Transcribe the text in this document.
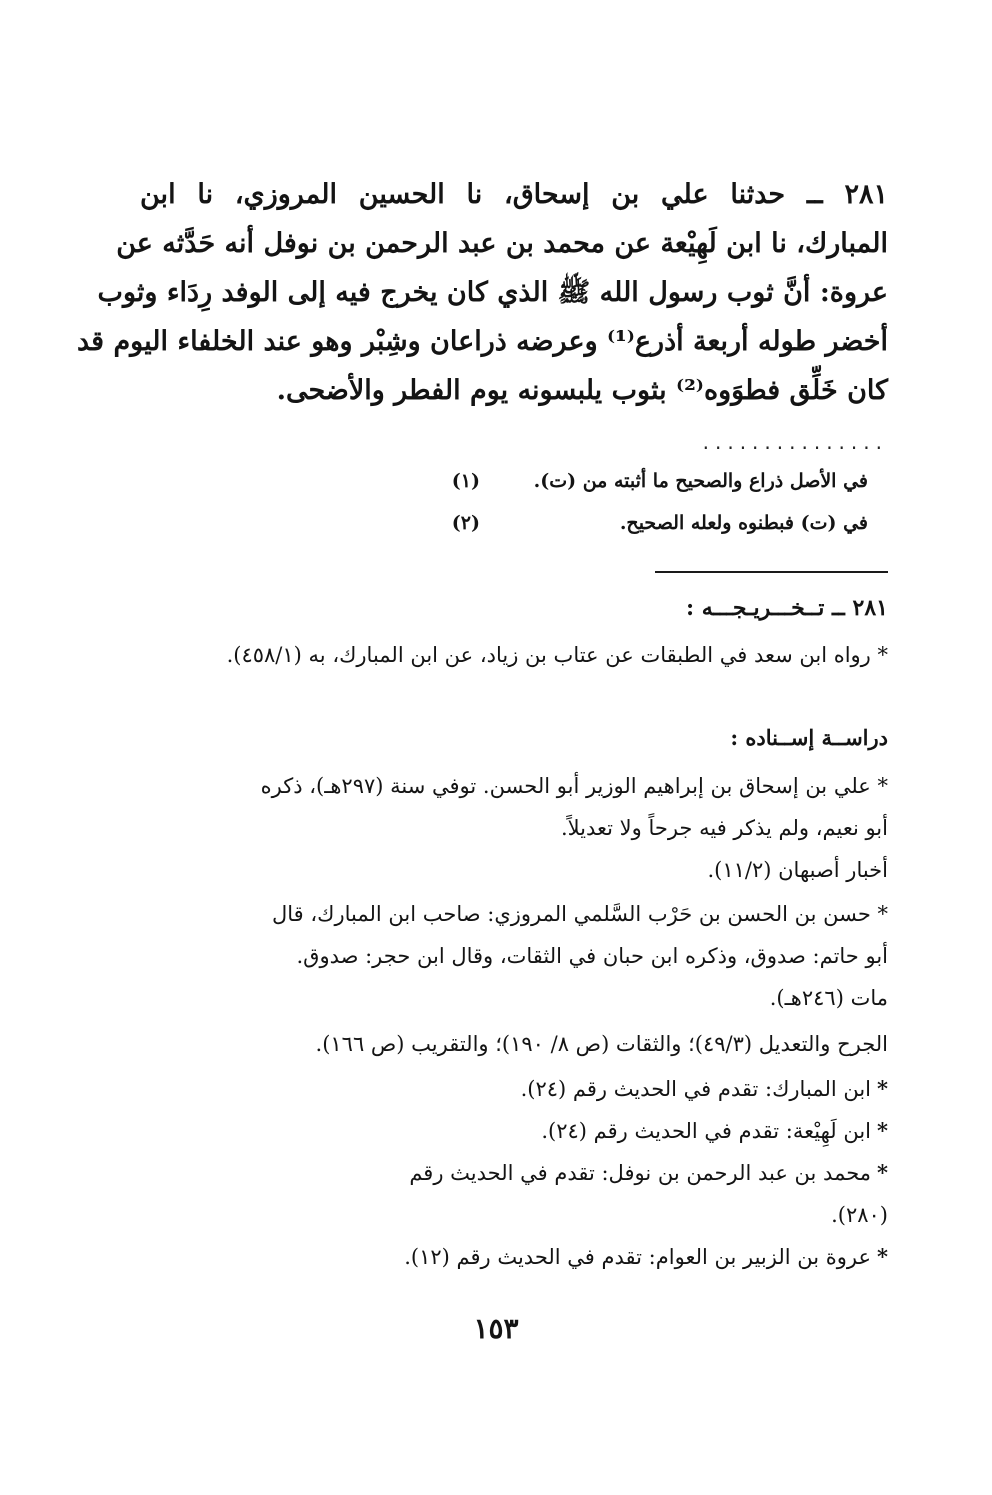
٢٨١ ــ حدثنا علي بن إسحاق، نا الحسين المروزي، نا ابن
المبارك، نا ابن لَهِيْعة عن محمد بن عبد الرحمن بن نوفل أنه حَدَّثه عن
عروة: أنَّ ثوب رسول الله ﷺ الذي كان يخرج فيه إلى الوفد رِدَاء وثوب
أخضر طوله أربعة أذرع⁽¹⁾ وعرضه ذراعان وشِبْر وهو عند الخلفاء اليوم قد
كان خَلِّق فطوَوه⁽²⁾ بثوب يلبسونه يوم الفطر والأضحى.
...............
(١)	في الأصل ذراع والصحيح ما أثبته من (ت).
(٢)	في (ت) فبطنوه ولعله الصحيح.
٢٨١ ــ تــخـــريـجـــه :
* رواه ابن سعد في الطبقات عن عتاب بن زياد، عن ابن المبارك، به (٤٥٨/١).
دراســة إســناده :
* علي بن إسحاق بن إبراهيم الوزير أبو الحسن. توفي سنة (٢٩٧هـ)، ذكره
أبو نعيم، ولم يذكر فيه جرحاً ولا تعديلاً.
أخبار أصبهان (١١/٢).
* حسن بن الحسن بن حَرْب السَّلمي المروزي: صاحب ابن المبارك، قال
أبو حاتم: صدوق، وذكره ابن حبان في الثقات، وقال ابن حجر: صدوق.
مات (٢٤٦هـ).
الجرح والتعديل (٤٩/٣)؛ والثقات (ص ٨/ ١٩٠)؛ والتقريب (ص ١٦٦).
*ابن المبارك: تقدم في الحديث رقم (٢٤).
*ابن لَهِيْعة: تقدم في الحديث رقم (٢٤).
*محمد بن عبد الرحمن بن نوفل: تقدم في الحديث رقم (٢٨٠).
*عروة بن الزبير بن العوام: تقدم في الحديث رقم (١٢).
١٥٣
